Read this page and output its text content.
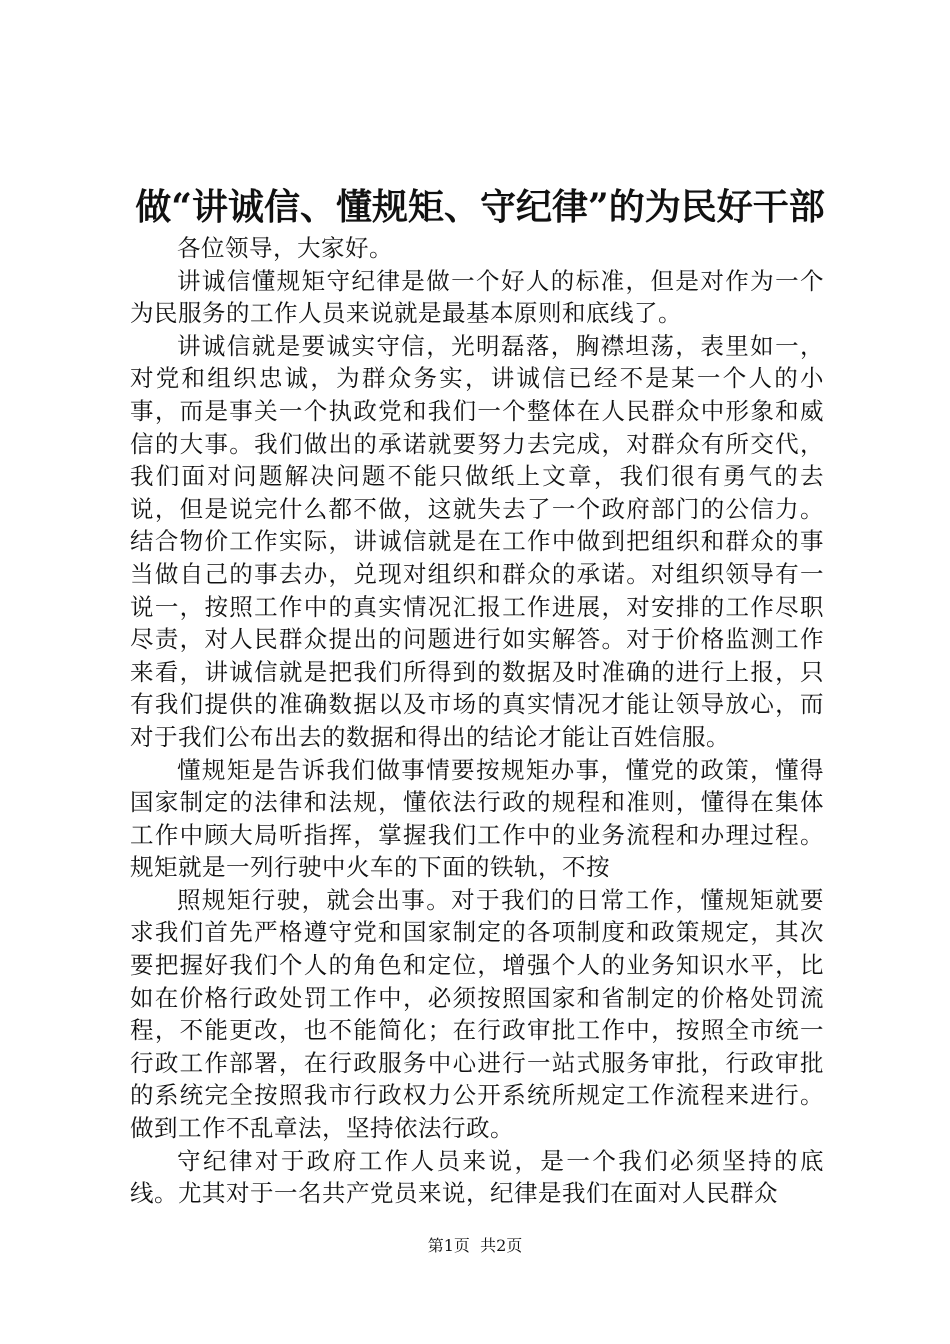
做“讲诚信、懂规矩、守纪律”的为民好干部

各位领导，大家好。

讲诚信懂规矩守纪律是做一个好人的标准，但是对作为一个为民服务的工作人员来说就是最基本原则和底线了。

讲诚信就是要诚实守信，光明磊落，胸襟坦荡，表里如一，对党和组织忠诚，为群众务实，讲诚信已经不是某一个人的小事，而是事关一个执政党和我们一个整体在人民群众中形象和威信的大事。我们做出的承诺就要努力去完成，对群众有所交代，我们面对问题解决问题不能只做纸上文章，我们很有勇气的去说，但是说完什么都不做，这就失去了一个政府部门的公信力。结合物价工作实际，讲诚信就是在工作中做到把组织和群众的事当做自己的事去办，兑现对组织和群众的承诺。对组织领导有一说一，按照工作中的真实情况汇报工作进展，对安排的工作尽职尽责，对人民群众提出的问题进行如实解答。对于价格监测工作来看，讲诚信就是把我们所得到的数据及时准确的进行上报，只有我们提供的准确数据以及市场的真实情况才能让领导放心，而对于我们公布出去的数据和得出的结论才能让百姓信服。

懂规矩是告诉我们做事情要按规矩办事，懂党的政策，懂得国家制定的法律和法规，懂依法行政的规程和准则，懂得在集体工作中顾大局听指挥，掌握我们工作中的业务流程和办理过程。规矩就是一列行驶中火车的下面的铁轨，不按

照规矩行驶，就会出事。对于我们的日常工作，懂规矩就要求我们首先严格遵守党和国家制定的各项制度和政策规定，其次要把握好我们个人的角色和定位，增强个人的业务知识水平，比如在价格行政处罚工作中，必须按照国家和省制定的价格处罚流程，不能更改，也不能简化；在行政审批工作中，按照全市统一行政工作部署，在行政服务中心进行一站式服务审批，行政审批的系统完全按照我市行政权力公开系统所规定工作流程来进行。做到工作不乱章法，坚持依法行政。

守纪律对于政府工作人员来说，是一个我们必须坚持的底线。尤其对于一名共产党员来说，纪律是我们在面对人民群众

第1页  共2页
